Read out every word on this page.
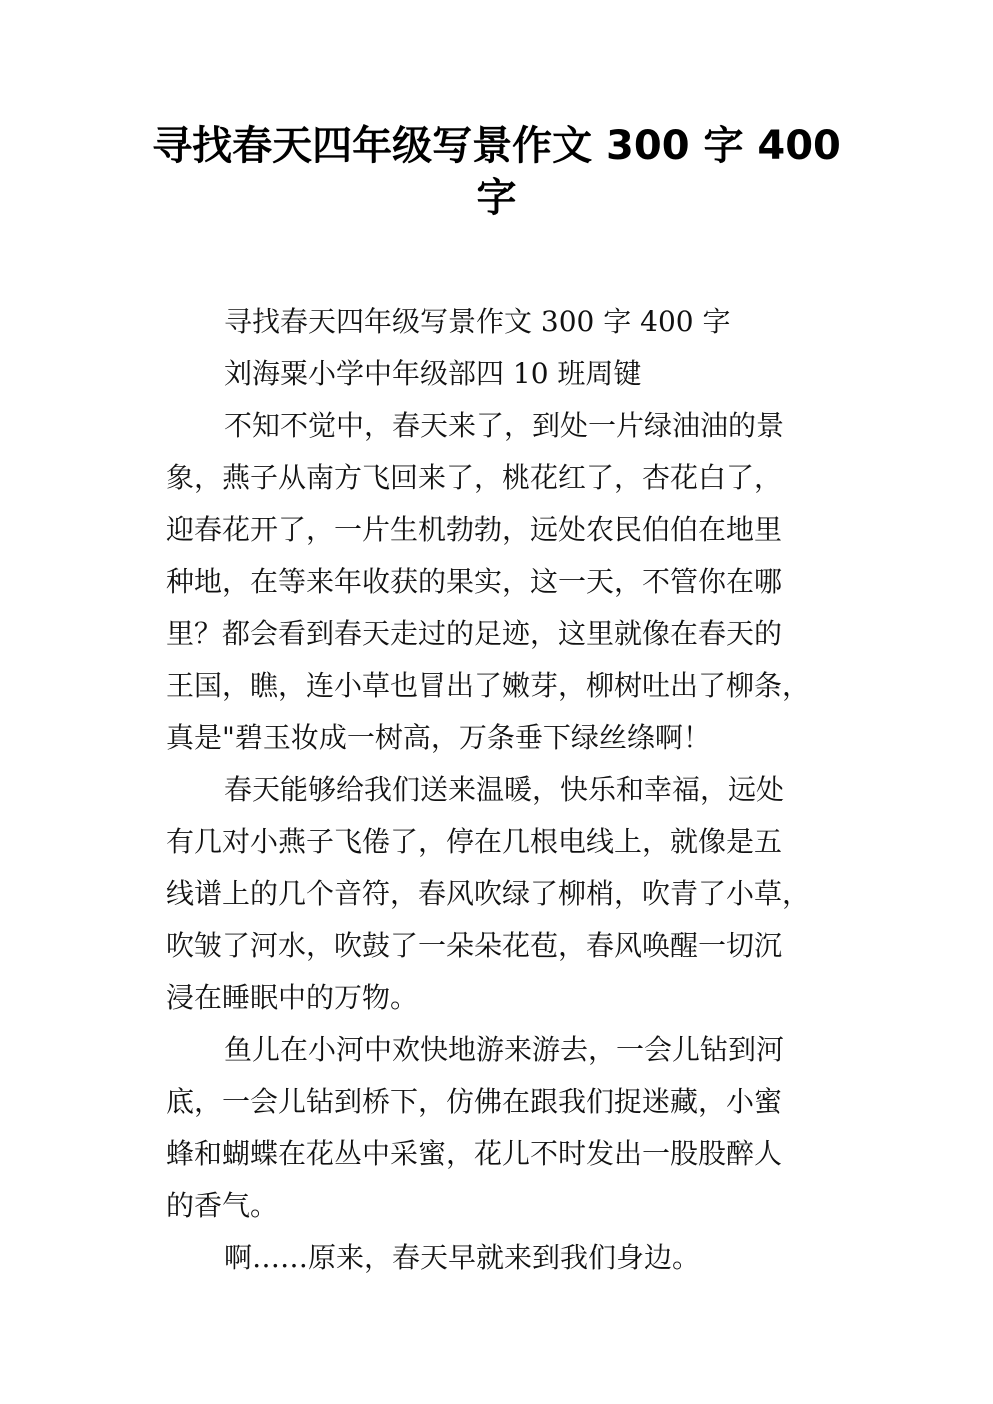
寻找春天四年级写景作文 300 字 400
字

寻找春天四年级写景作文 300 字 400 字

刘海粟小学中年级部四 10 班周键

不知不觉中，春天来了，到处一片绿油油的景
象，燕子从南方飞回来了，桃花红了，杏花白了，
迎春花开了，一片生机勃勃，远处农民伯伯在地里
种地，在等来年收获的果实，这一天，不管你在哪
里？都会看到春天走过的足迹，这里就像在春天的
王国，瞧，连小草也冒出了嫩芽，柳树吐出了柳条，
真是"碧玉妆成一树高，万条垂下绿丝绦啊！

春天能够给我们送来温暖，快乐和幸福，远处
有几对小燕子飞倦了，停在几根电线上，就像是五
线谱上的几个音符，春风吹绿了柳梢，吹青了小草，
吹皱了河水，吹鼓了一朵朵花苞，春风唤醒一切沉
浸在睡眠中的万物。

鱼儿在小河中欢快地游来游去，一会儿钻到河
底，一会儿钻到桥下，仿佛在跟我们捉迷藏，小蜜
蜂和蝴蝶在花丛中采蜜，花儿不时发出一股股醉人
的香气。

啊……原来，春天早就来到我们身边。
